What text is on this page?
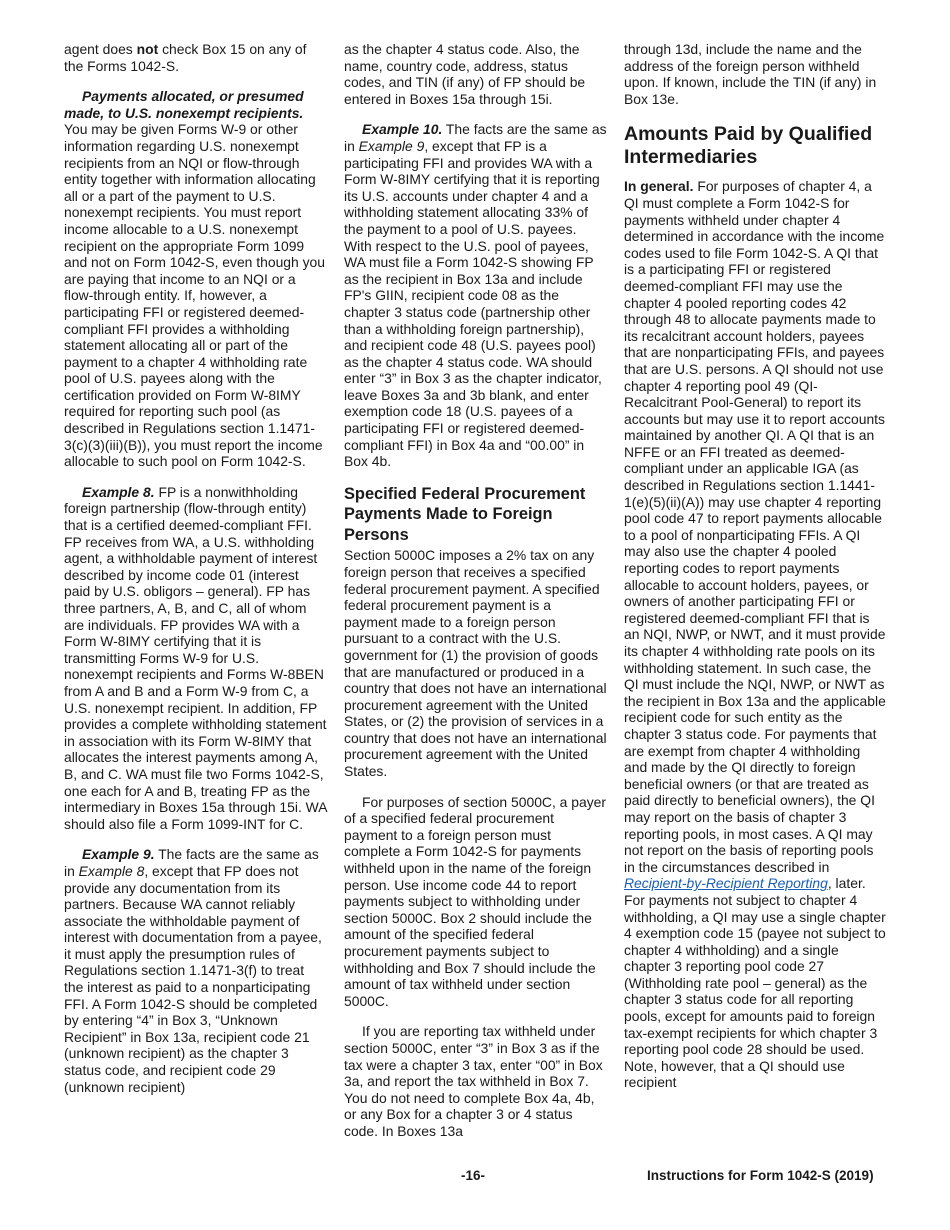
agent does not check Box 15 on any of the Forms 1042-S.

Payments allocated, or presumed made, to U.S. nonexempt recipients. You may be given Forms W-9 or other information regarding U.S. nonexempt recipients from an NQI or flow-through entity together with information allocating all or a part of the payment to U.S. nonexempt recipients. You must report income allocable to a U.S. nonexempt recipient on the appropriate Form 1099 and not on Form 1042-S, even though you are paying that income to an NQI or a flow-through entity. If, however, a participating FFI or registered deemed-compliant FFI provides a withholding statement allocating all or part of the payment to a chapter 4 withholding rate pool of U.S. payees along with the certification provided on Form W-8IMY required for reporting such pool (as described in Regulations section 1.1471-3(c)(3)(iii)(B)), you must report the income allocable to such pool on Form 1042-S.

Example 8. FP is a nonwithholding foreign partnership (flow-through entity) that is a certified deemed-compliant FFI. FP receives from WA, a U.S. withholding agent, a withholdable payment of interest described by income code 01 (interest paid by U.S. obligors – general). FP has three partners, A, B, and C, all of whom are individuals. FP provides WA with a Form W-8IMY certifying that it is transmitting Forms W-9 for U.S. nonexempt recipients and Forms W-8BEN from A and B and a Form W-9 from C, a U.S. nonexempt recipient. In addition, FP provides a complete withholding statement in association with its Form W-8IMY that allocates the interest payments among A, B, and C. WA must file two Forms 1042-S, one each for A and B, treating FP as the intermediary in Boxes 15a through 15i. WA should also file a Form 1099-INT for C.

Example 9. The facts are the same as in Example 8, except that FP does not provide any documentation from its partners. Because WA cannot reliably associate the withholdable payment of interest with documentation from a payee, it must apply the presumption rules of Regulations section 1.1471-3(f) to treat the interest as paid to a nonparticipating FFI. A Form 1042-S should be completed by entering “4” in Box 3, “Unknown Recipient” in Box 13a, recipient code 21 (unknown recipient) as the chapter 3 status code, and recipient code 29 (unknown recipient)

as the chapter 4 status code. Also, the name, country code, address, status codes, and TIN (if any) of FP should be entered in Boxes 15a through 15i.

Example 10. The facts are the same as in Example 9, except that FP is a participating FFI and provides WA with a Form W-8IMY certifying that it is reporting its U.S. accounts under chapter 4 and a withholding statement allocating 33% of the payment to a pool of U.S. payees. With respect to the U.S. pool of payees, WA must file a Form 1042-S showing FP as the recipient in Box 13a and include FP's GIIN, recipient code 08 as the chapter 3 status code (partnership other than a withholding foreign partnership), and recipient code 48 (U.S. payees pool) as the chapter 4 status code. WA should enter “3” in Box 3 as the chapter indicator, leave Boxes 3a and 3b blank, and enter exemption code 18 (U.S. payees of a participating FFI or registered deemed-compliant FFI) in Box 4a and “00.00” in Box 4b.

Specified Federal Procurement Payments Made to Foreign Persons

Section 5000C imposes a 2% tax on any foreign person that receives a specified federal procurement payment. A specified federal procurement payment is a payment made to a foreign person pursuant to a contract with the U.S. government for (1) the provision of goods that are manufactured or produced in a country that does not have an international procurement agreement with the United States, or (2) the provision of services in a country that does not have an international procurement agreement with the United States.

For purposes of section 5000C, a payer of a specified federal procurement payment to a foreign person must complete a Form 1042-S for payments withheld upon in the name of the foreign person. Use income code 44 to report payments subject to withholding under section 5000C. Box 2 should include the amount of the specified federal procurement payments subject to withholding and Box 7 should include the amount of tax withheld under section 5000C.

If you are reporting tax withheld under section 5000C, enter “3” in Box 3 as if the tax were a chapter 3 tax, enter “00” in Box 3a, and report the tax withheld in Box 7. You do not need to complete Box 4a, 4b, or any Box for a chapter 3 or 4 status code. In Boxes 13a

through 13d, include the name and the address of the foreign person withheld upon. If known, include the TIN (if any) in Box 13e.

Amounts Paid by Qualified Intermediaries

In general. For purposes of chapter 4, a QI must complete a Form 1042-S for payments withheld under chapter 4 determined in accordance with the income codes used to file Form 1042-S. A QI that is a participating FFI or registered deemed-compliant FFI may use the chapter 4 pooled reporting codes 42 through 48 to allocate payments made to its recalcitrant account holders, payees that are nonparticipating FFIs, and payees that are U.S. persons. A QI should not use chapter 4 reporting pool 49 (QI-Recalcitrant Pool-General) to report its accounts but may use it to report accounts maintained by another QI. A QI that is an NFFE or an FFI treated as deemed-compliant under an applicable IGA (as described in Regulations section 1.1441-1(e)(5)(ii)(A)) may use chapter 4 reporting pool code 47 to report payments allocable to a pool of nonparticipating FFIs. A QI may also use the chapter 4 pooled reporting codes to report payments allocable to account holders, payees, or owners of another participating FFI or registered deemed-compliant FFI that is an NQI, NWP, or NWT, and it must provide its chapter 4 withholding rate pools on its withholding statement. In such case, the QI must include the NQI, NWP, or NWT as the recipient in Box 13a and the applicable recipient code for such entity as the chapter 3 status code. For payments that are exempt from chapter 4 withholding and made by the QI directly to foreign beneficial owners (or that are treated as paid directly to beneficial owners), the QI may report on the basis of chapter 3 reporting pools, in most cases. A QI may not report on the basis of reporting pools in the circumstances described in Recipient-by-Recipient Reporting, later. For payments not subject to chapter 4 withholding, a QI may use a single chapter 4 exemption code 15 (payee not subject to chapter 4 withholding) and a single chapter 3 reporting pool code 27 (Withholding rate pool – general) as the chapter 3 status code for all reporting pools, except for amounts paid to foreign tax-exempt recipients for which chapter 3 reporting pool code 28 should be used. Note, however, that a QI should use recipient

-16-	Instructions for Form 1042-S (2019)
